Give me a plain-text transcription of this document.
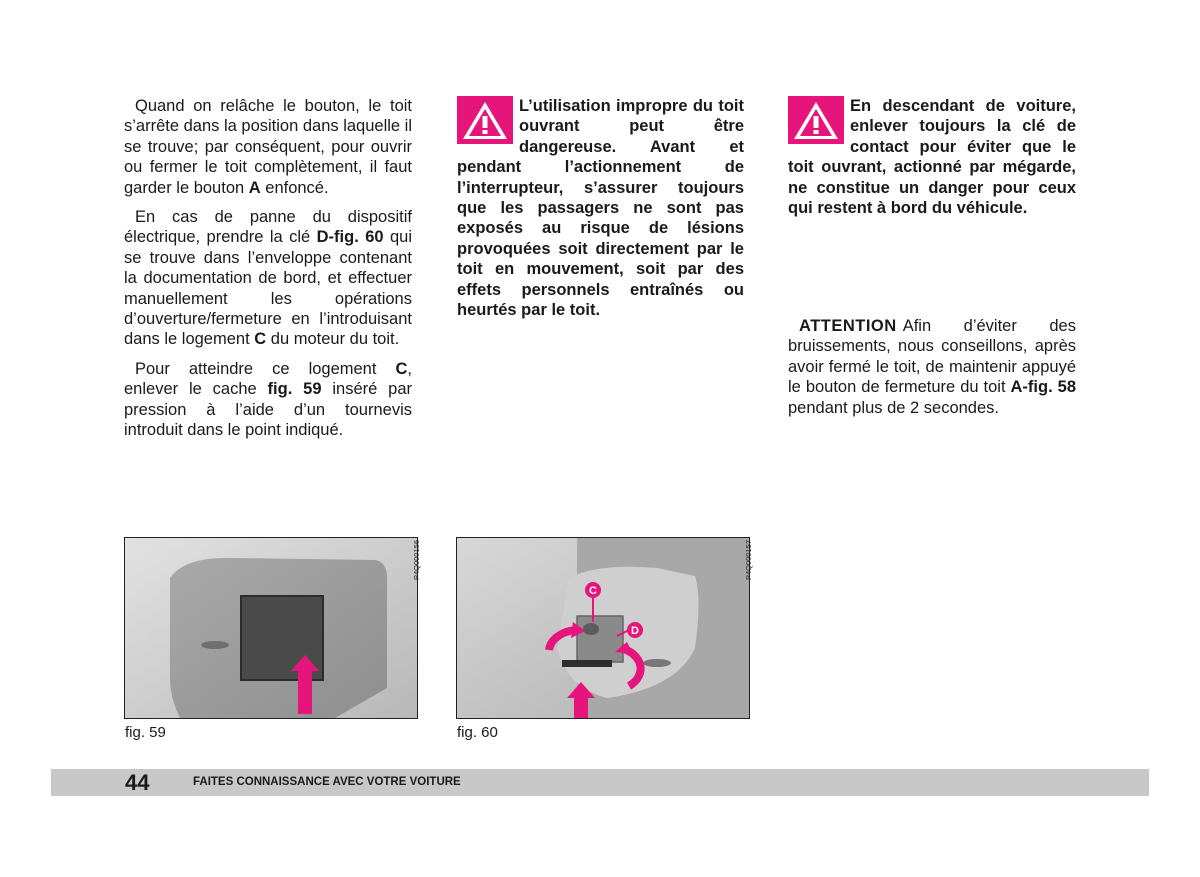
Quand on relâche le bouton, le toit s’arrête dans la position dans laquelle il se trouve; par conséquent, pour ouvrir ou fermer le toit complètement, il faut garder le bouton A enfoncé.

En cas de panne du dispositif électrique, prendre la clé D-fig. 60 qui se trouve dans l’enveloppe contenant la documentation de bord, et effectuer manuellement les opérations d’ouverture/fermeture en l’introduisant dans le logement C du moteur du toit.

Pour atteindre ce logement C, enlever le cache fig. 59 inséré par pression à l’aide d’un tournevis introduit dans le point indiqué.

L’utilisation impropre du toit ouvrant peut être dangereuse. Avant et pendant l’actionnement de l’interrupteur, s’assurer toujours que les passagers ne sont pas exposés au risque de lésions provoquées soit directement par le toit en mouvement, soit par des effets personnels entraînés ou heurtés par le toit.
En descendant de voiture, enlever toujours la clé de contact pour éviter que le toit ouvrant, actionné par mégarde, ne constitue un danger pour ceux qui restent à bord du véhicule.
ATTENTION Afin d’éviter des bruissements, nous conseillons, après avoir fermé le toit, de maintenir appuyé le bouton de fermeture du toit A-fig. 58 pendant plus de 2 secondes.
P4Q000156
fig. 59
C
D
P4Q000157
fig. 60
44	FAITES CONNAISSANCE AVEC VOTRE VOITURE
